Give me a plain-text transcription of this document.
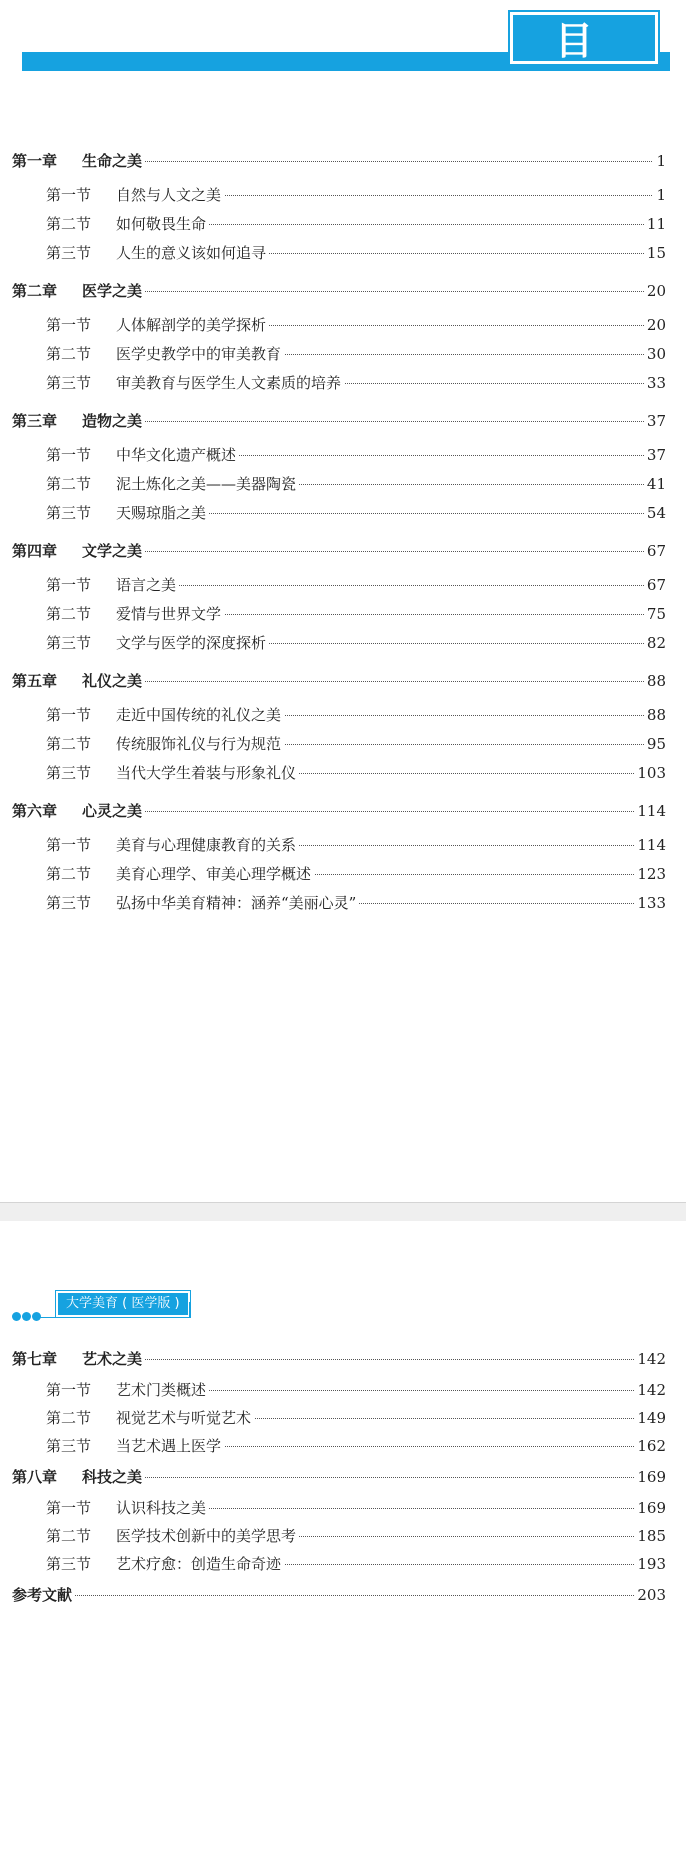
目 录
大学美育 ( 医学版 )
第一章 生命之美	1
第一节 自然与人文之美	1
第二节 如何敬畏生命	11
第三节 人生的意义该如何追寻	15
第二章 医学之美	20
第一节 人体解剖学的美学探析	20
第二节 医学史教学中的审美教育	30
第三节 审美教育与医学生人文素质的培养	33
第三章 造物之美	37
第一节 中华文化遗产概述	37
第二节 泥土炼化之美——美器陶瓷	41
第三节 天赐琼脂之美	54
第四章 文学之美	67
第一节 语言之美	67
第二节 爱情与世界文学	75
第三节 文学与医学的深度探析	82
第五章 礼仪之美	88
第一节 走近中国传统的礼仪之美	88
第二节 传统服饰礼仪与行为规范	95
第三节 当代大学生着装与形象礼仪	103
第六章 心灵之美	114
第一节 美育与心理健康教育的关系	114
第二节 美育心理学、审美心理学概述	123
第三节 弘扬中华美育精神：涵养“美丽心灵”	133
第七章 艺术之美	142
第一节 艺术门类概述	142
第二节 视觉艺术与听觉艺术	149
第三节 当艺术遇上医学	162
第八章 科技之美	169
第一节 认识科技之美	169
第二节 医学技术创新中的美学思考	185
第三节 艺术疗愈：创造生命奇迹	193
参考文献	203
